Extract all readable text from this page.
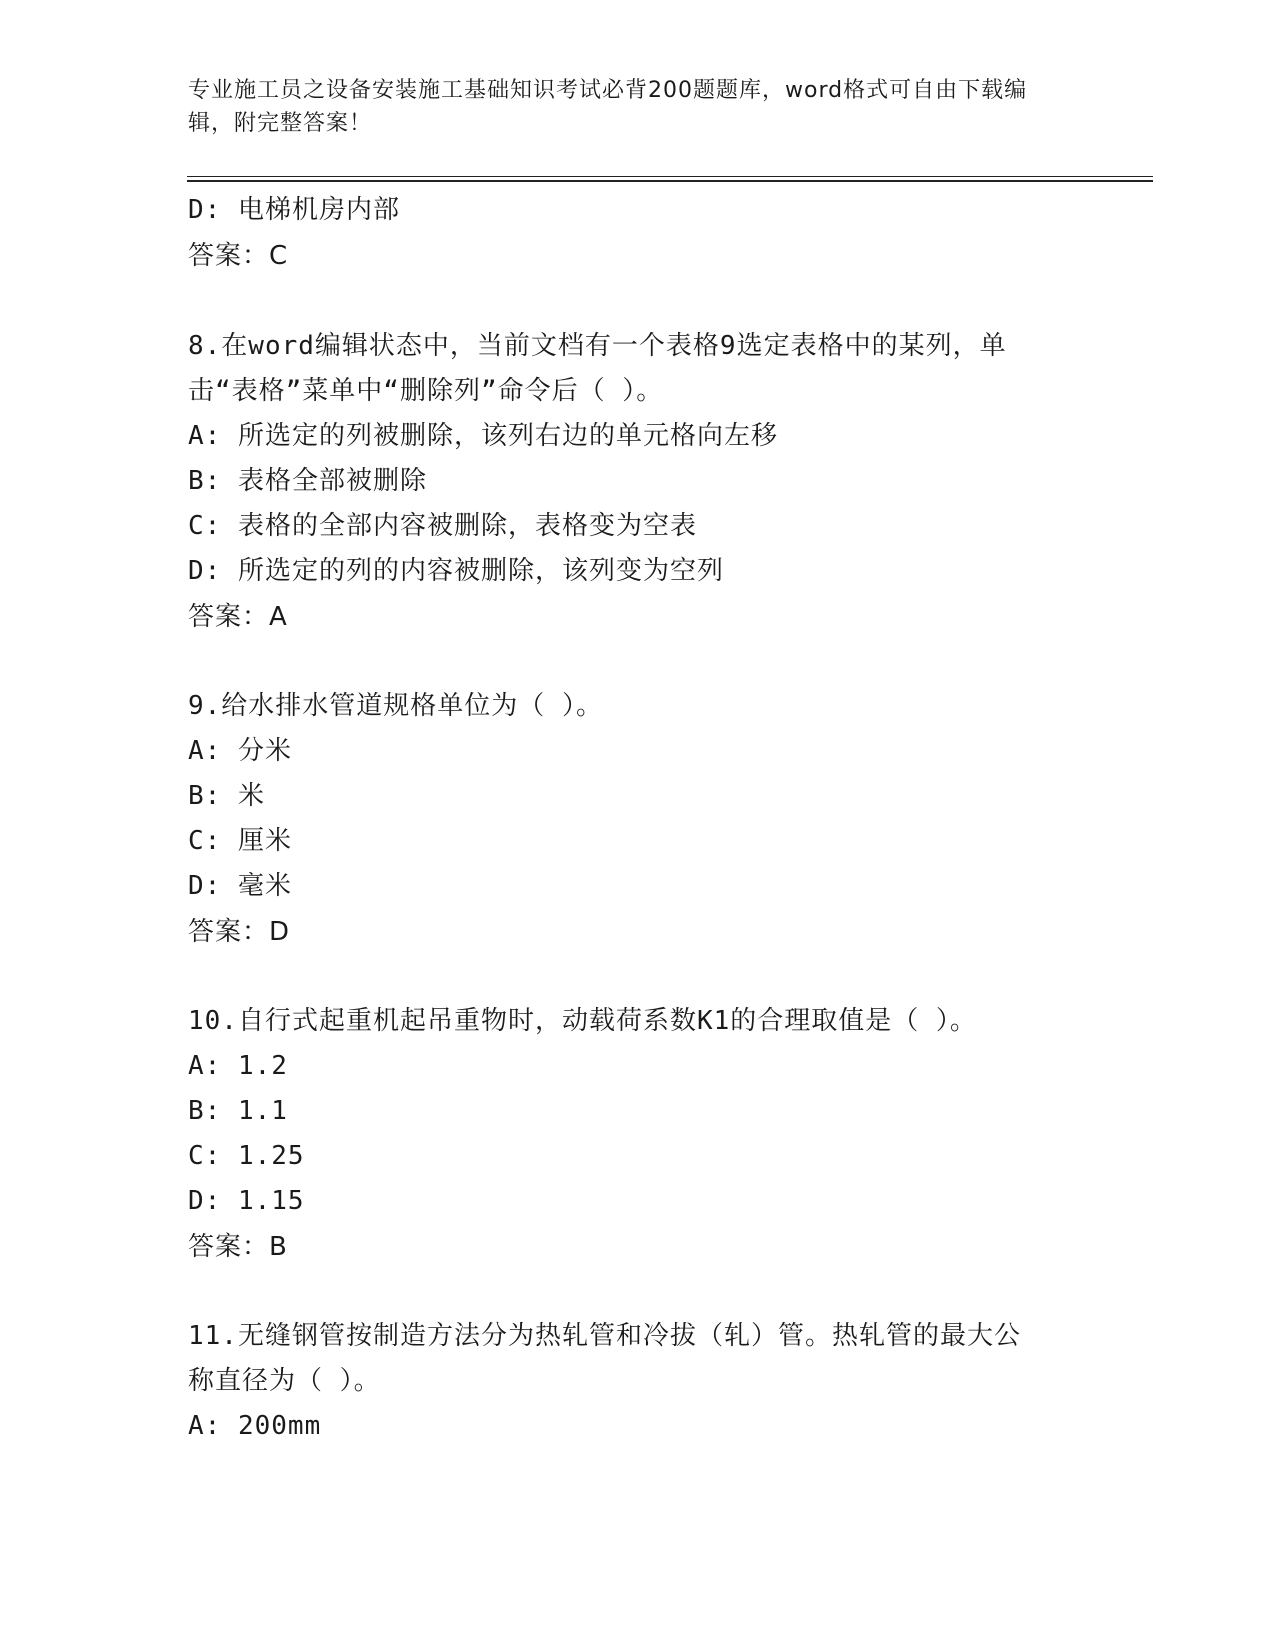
专业施工员之设备安装施工基础知识考试必背200题题库，word格式可自由下载编辑，附完整答案！
D: 电梯机房内部
答案：C
8.在word编辑状态中，当前文档有一个表格9选定表格中的某列，单
击“表格”菜单中“删除列”命令后（ ）。
A: 所选定的列被删除，该列右边的单元格向左移
B: 表格全部被删除
C: 表格的全部内容被删除，表格变为空表
D: 所选定的列的内容被删除，该列变为空列
答案：A
9.给水排水管道规格单位为（ ）。
A: 分米
B: 米
C: 厘米
D: 毫米
答案：D
10.自行式起重机起吊重物时，动载荷系数K1的合理取值是（ ）。
A: 1.2
B: 1.1
C: 1.25
D: 1.15
答案：B
11.无缝钢管按制造方法分为热轧管和冷拔（轧）管。热轧管的最大公
称直径为（ ）。
A: 200mm
